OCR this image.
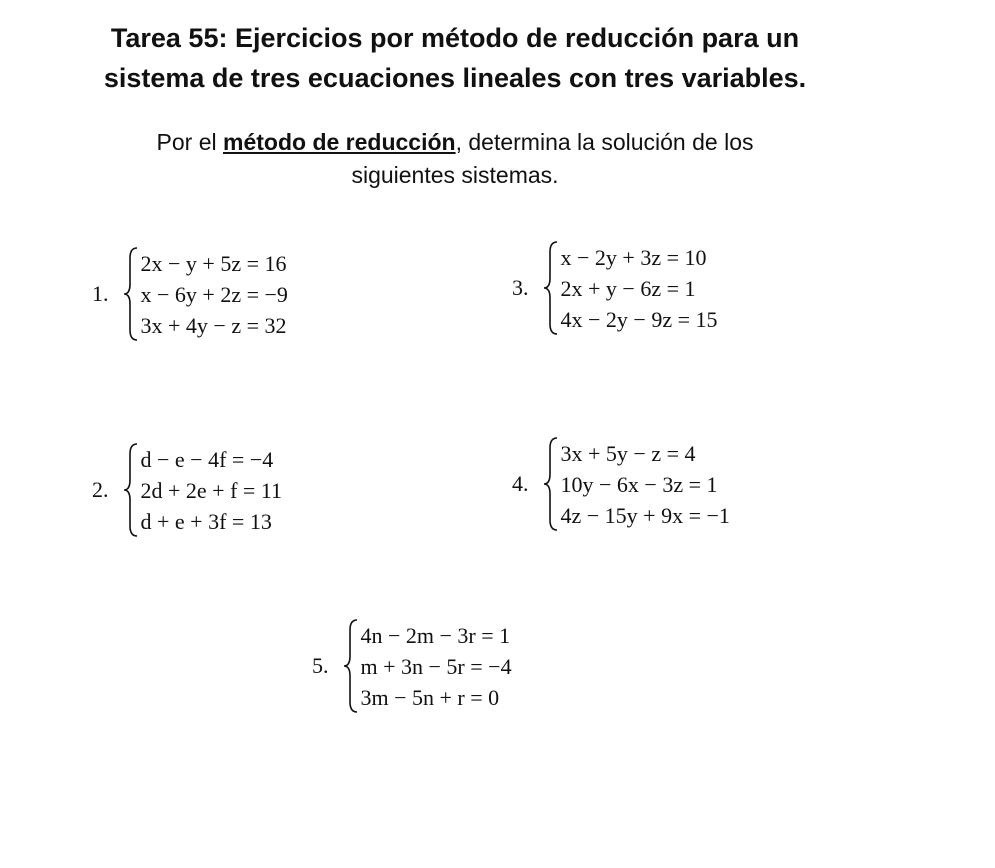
Tarea 55: Ejercicios por método de reducción para un
sistema de tres ecuaciones lineales con tres variables.
Por el método de reducción, determina la solución de los
siguientes sistemas.
1.
2x − y + 5z = 16
x − 6y + 2z = −9
3x + 4y − z = 32
3.
x − 2y + 3z = 10
2x + y − 6z = 1
4x − 2y − 9z = 15
2.
d − e − 4f = −4
2d + 2e + f = 11
d + e + 3f = 13
4.
3x + 5y − z = 4
10y − 6x − 3z = 1
4z − 15y + 9x = −1
5.
4n − 2m − 3r = 1
m + 3n − 5r = −4
3m − 5n + r = 0
